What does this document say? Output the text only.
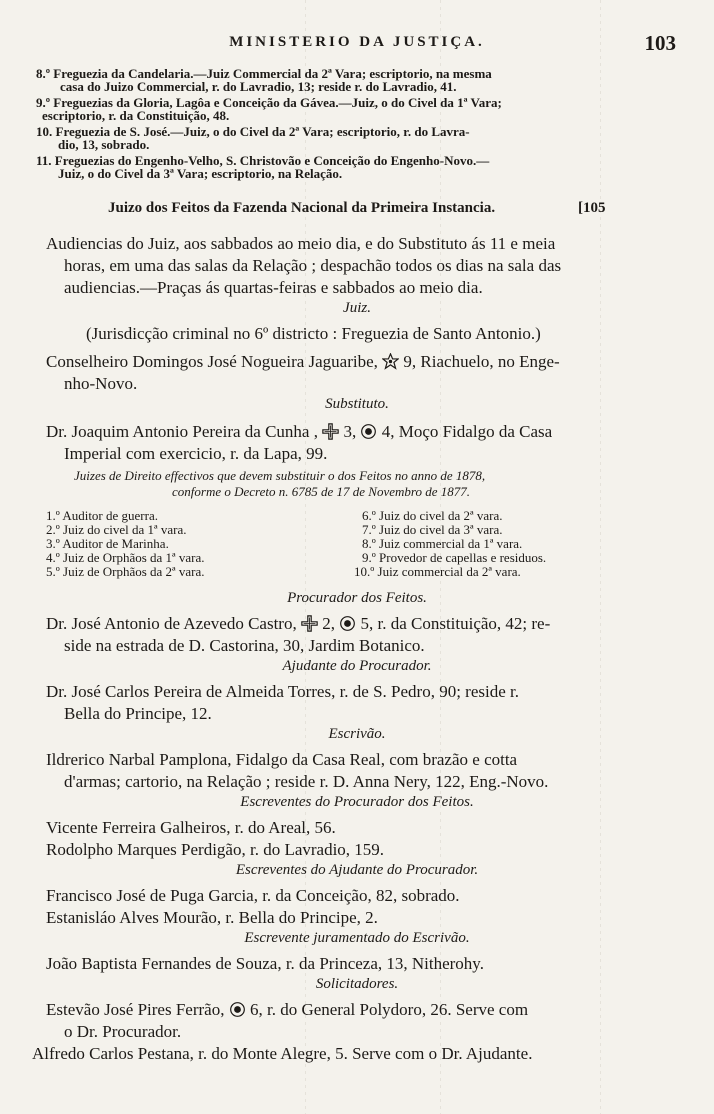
MINISTERIO DA JUSTIÇA.	103
8.º Freguezia da Candelaria.—Juiz Commercial da 2ª Vara; escriptorio, na mesma
casa do Juizo Commercial, r. do Lavradio, 13; reside r. do Lavradio, 41.
9.º Freguezias da Gloria, Lagôa e Conceição da Gávea.—Juiz, o do Civel da 1ª Vara;
escriptorio, r. da Constituição, 48.
10. Freguezia de S. José.—Juiz, o do Civel da 2ª Vara; escriptorio, r. do Lavra-
dio, 13, sobrado.
11. Freguezias do Engenho-Velho, S. Christovão e Conceição do Engenho-Novo.—
Juiz, o do Civel da 3ª Vara; escriptorio, na Relação.
Juizo dos Feitos da Fazenda Nacional da Primeira Instancia.	[105
Audiencias do Juiz, aos sabbados ao meio dia, e do Substituto ás 11 e meia
horas, em uma das salas da Relação ; despachão todos os dias na sala das
audiencias.—Praças ás quartas-feiras e sabbados ao meio dia.
Juiz.
(Jurisdicção criminal no 6º districto : Freguezia de Santo Antonio.)
Conselheiro Domingos José Nogueira Jaguaribe, 9, Riachuelo, no Enge-
nho-Novo.
Substituto.
Dr. Joaquim Antonio Pereira da Cunha , 3, 4, Moço Fidalgo da Casa
Imperial com exercicio, r. da Lapa, 99.
Juizes de Direito effectivos que devem substituir o dos Feitos no anno de 1878,
conforme o Decreto n. 6785 de 17 de Novembro de 1877.
1.º Auditor de guerra.
2.º Juiz do civel da 1ª vara.
3.º Auditor de Marinha.
4.º Juiz de Orphãos da 1ª vara.
5.º Juiz de Orphãos da 2ª vara.
6.º Juiz do civel da 2ª vara.
7.º Juiz do civel da 3ª vara.
8.º Juiz commercial da 1ª vara.
9.º Provedor de capellas e residuos.
10.º Juiz commercial da 2ª vara.
Procurador dos Feitos.
Dr. José Antonio de Azevedo Castro, 2, 5, r. da Constituição, 42; re-
side na estrada de D. Castorina, 30, Jardim Botanico.
Ajudante do Procurador.
Dr. José Carlos Pereira de Almeida Torres, r. de S. Pedro, 90; reside r.
Bella do Principe, 12.
Escrivão.
Ildrerico Narbal Pamplona, Fidalgo da Casa Real, com brazão e cotta
d'armas; cartorio, na Relação ; reside r. D. Anna Nery, 122, Eng.-Novo.
Escreventes do Procurador dos Feitos.
Vicente Ferreira Galheiros, r. do Areal, 56.
Rodolpho Marques Perdigão, r. do Lavradio, 159.
Escreventes do Ajudante do Procurador.
Francisco José de Puga Garcia, r. da Conceição, 82, sobrado.
Estanisláo Alves Mourão, r. Bella do Principe, 2.
Escrevente juramentado do Escrivão.
João Baptista Fernandes de Souza, r. da Princeza, 13, Nitherohy.
Solicitadores.
Estevão José Pires Ferrão, 6, r. do General Polydoro, 26. Serve com
o Dr. Procurador.
Alfredo Carlos Pestana, r. do Monte Alegre, 5. Serve com o Dr. Ajudante.
